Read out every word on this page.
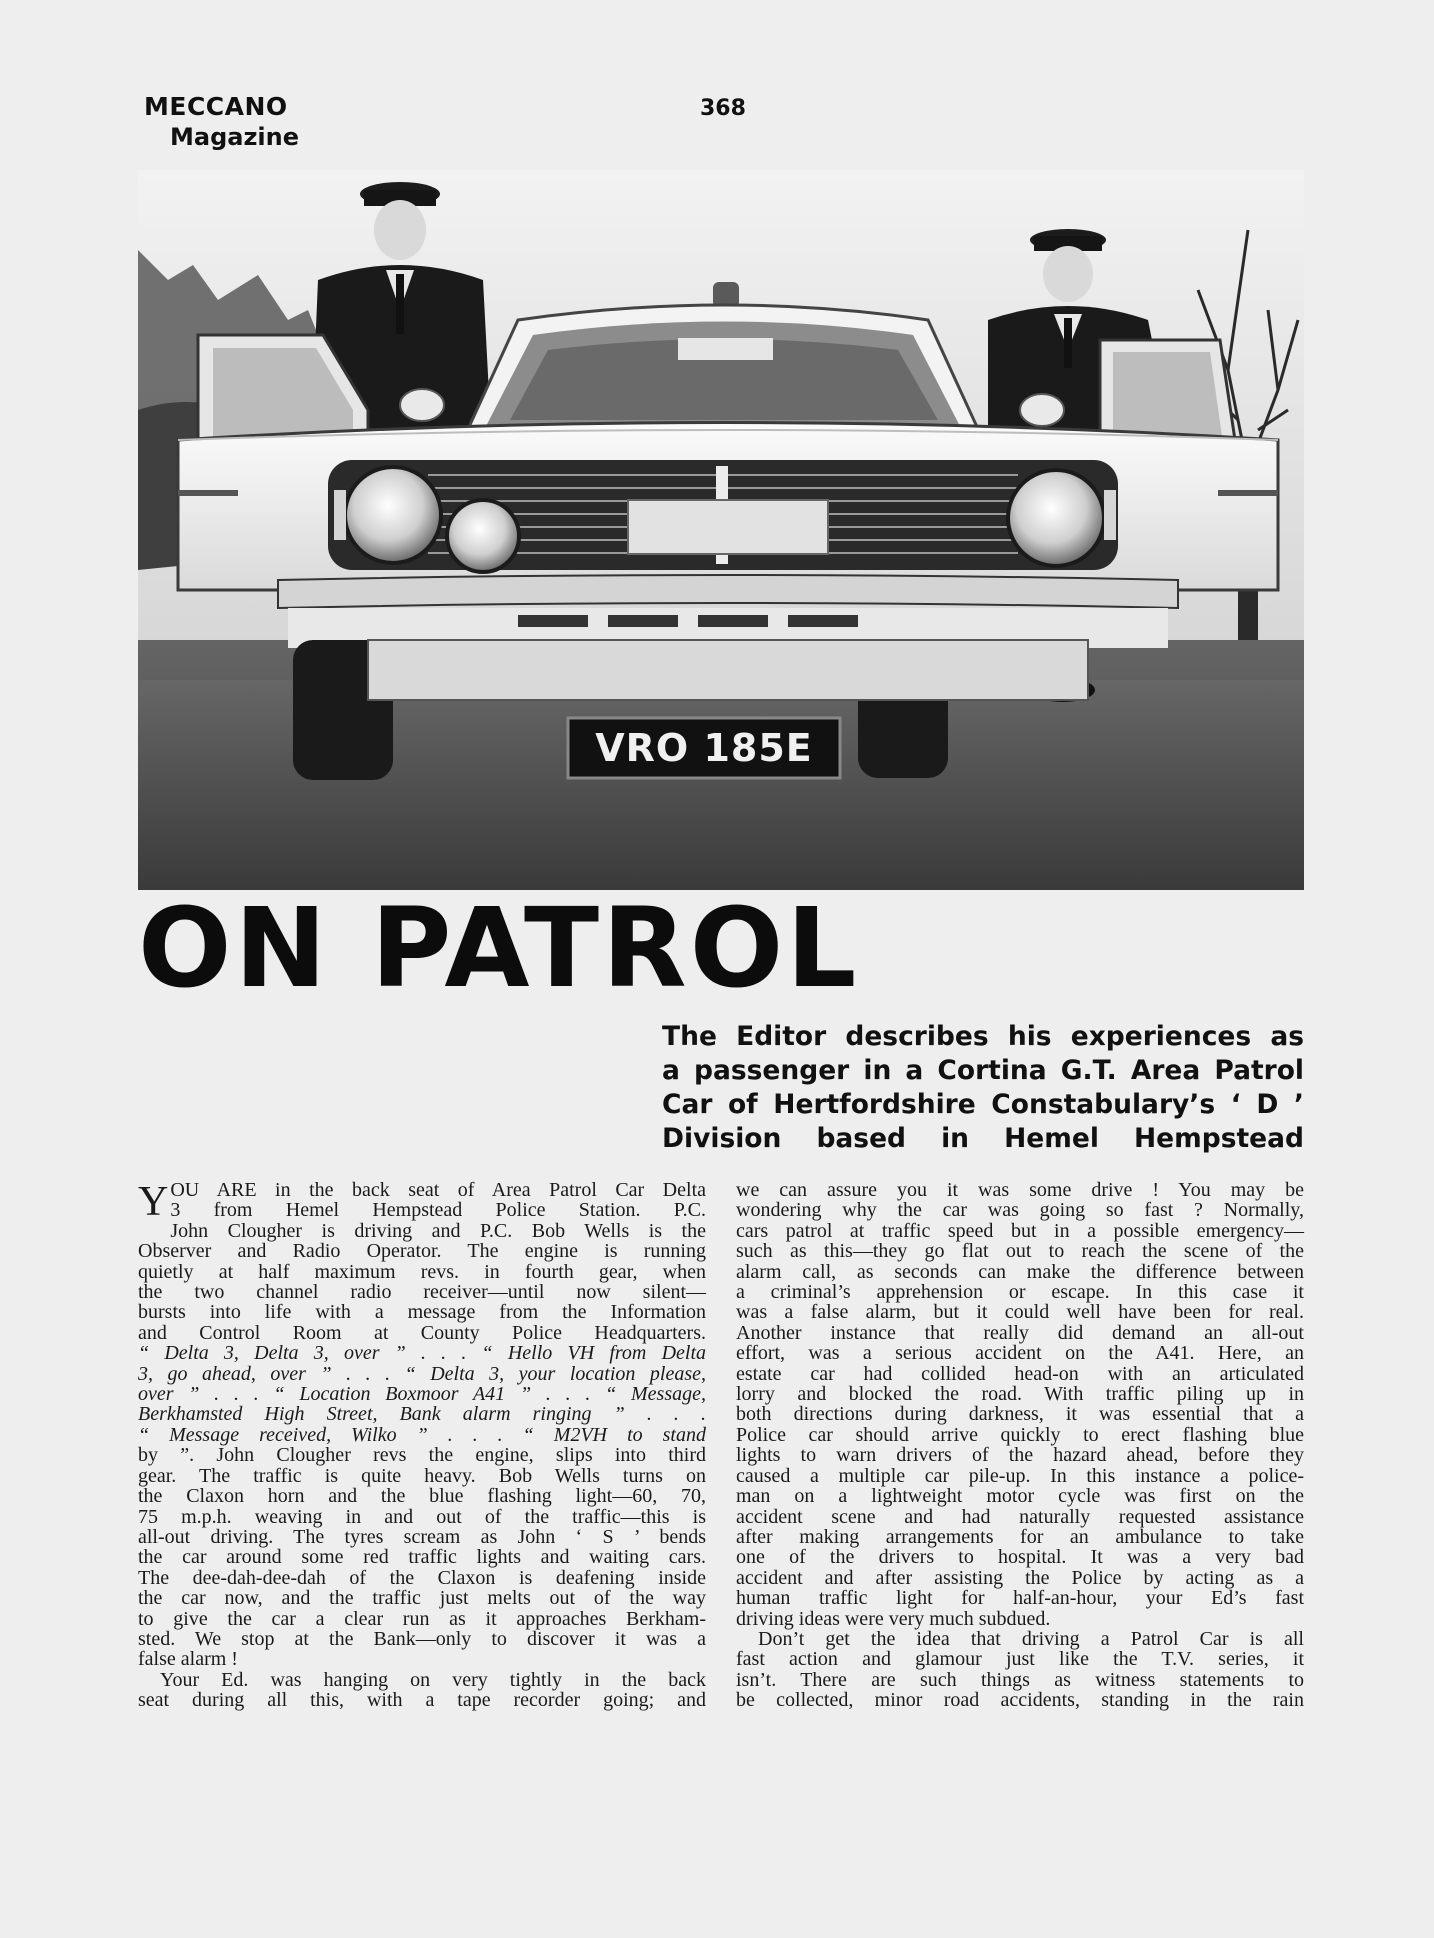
MECCANO
Magazine
368
VRO 185E
ON PATROL
The Editor describes his experiences as
a passenger in a Cortina G.T. Area Patrol
Car of Hertfordshire Constabulary’s ‘ D ’
Division based in Hemel Hempstead
Y OU ARE in the back seat of Area Patrol Car Delta

3 from Hemel Hempstead Police Station. P.C.

John Clougher is driving and P.C. Bob Wells is the

Observer and Radio Operator. The engine is running

quietly at half maximum revs. in fourth gear, when

the two channel radio receiver—until now silent—

bursts into life with a message from the Information

and Control Room at County Police Headquarters.

“ Delta 3, Delta 3, over ” . . . “ Hello VH from Delta

3, go ahead, over ” . . . “ Delta 3, your location please,

over ” . . . “ Location Boxmoor A41 ” . . . “ Message,

Berkhamsted High Street, Bank alarm ringing ” . . .

“ Message received, Wilko ” . . . “ M2VH to stand

by ”. John Clougher revs the engine, slips into third

gear. The traffic is quite heavy. Bob Wells turns on

the Claxon horn and the blue flashing light—60, 70,

75 m.p.h. weaving in and out of the traffic—this is

all-out driving. The tyres scream as John ‘ S ’ bends

the car around some red traffic lights and waiting cars.

The dee-dah-dee-dah of the Claxon is deafening inside

the car now, and the traffic just melts out of the way

to give the car a clear run as it approaches Berkham-

sted. We stop at the Bank—only to discover it was a

false alarm !

Your Ed. was hanging on very tightly in the back

seat during all this, with a tape recorder going; and

we can assure you it was some drive ! You may be

wondering why the car was going so fast ? Normally,

cars patrol at traffic speed but in a possible emergency—

such as this—they go flat out to reach the scene of the

alarm call, as seconds can make the difference between

a criminal’s apprehension or escape. In this case it

was a false alarm, but it could well have been for real.

Another instance that really did demand an all-out

effort, was a serious accident on the A41. Here, an

estate car had collided head-on with an articulated

lorry and blocked the road. With traffic piling up in

both directions during darkness, it was essential that a

Police car should arrive quickly to erect flashing blue

lights to warn drivers of the hazard ahead, before they

caused a multiple car pile-up. In this instance a police-

man on a lightweight motor cycle was first on the

accident scene and had naturally requested assistance

after making arrangements for an ambulance to take

one of the drivers to hospital. It was a very bad

accident and after assisting the Police by acting as a

human traffic light for half-an-hour, your Ed’s fast

driving ideas were very much subdued.

Don’t get the idea that driving a Patrol Car is all

fast action and glamour just like the T.V. series, it

isn’t. There are such things as witness statements to

be collected, minor road accidents, standing in the rain
